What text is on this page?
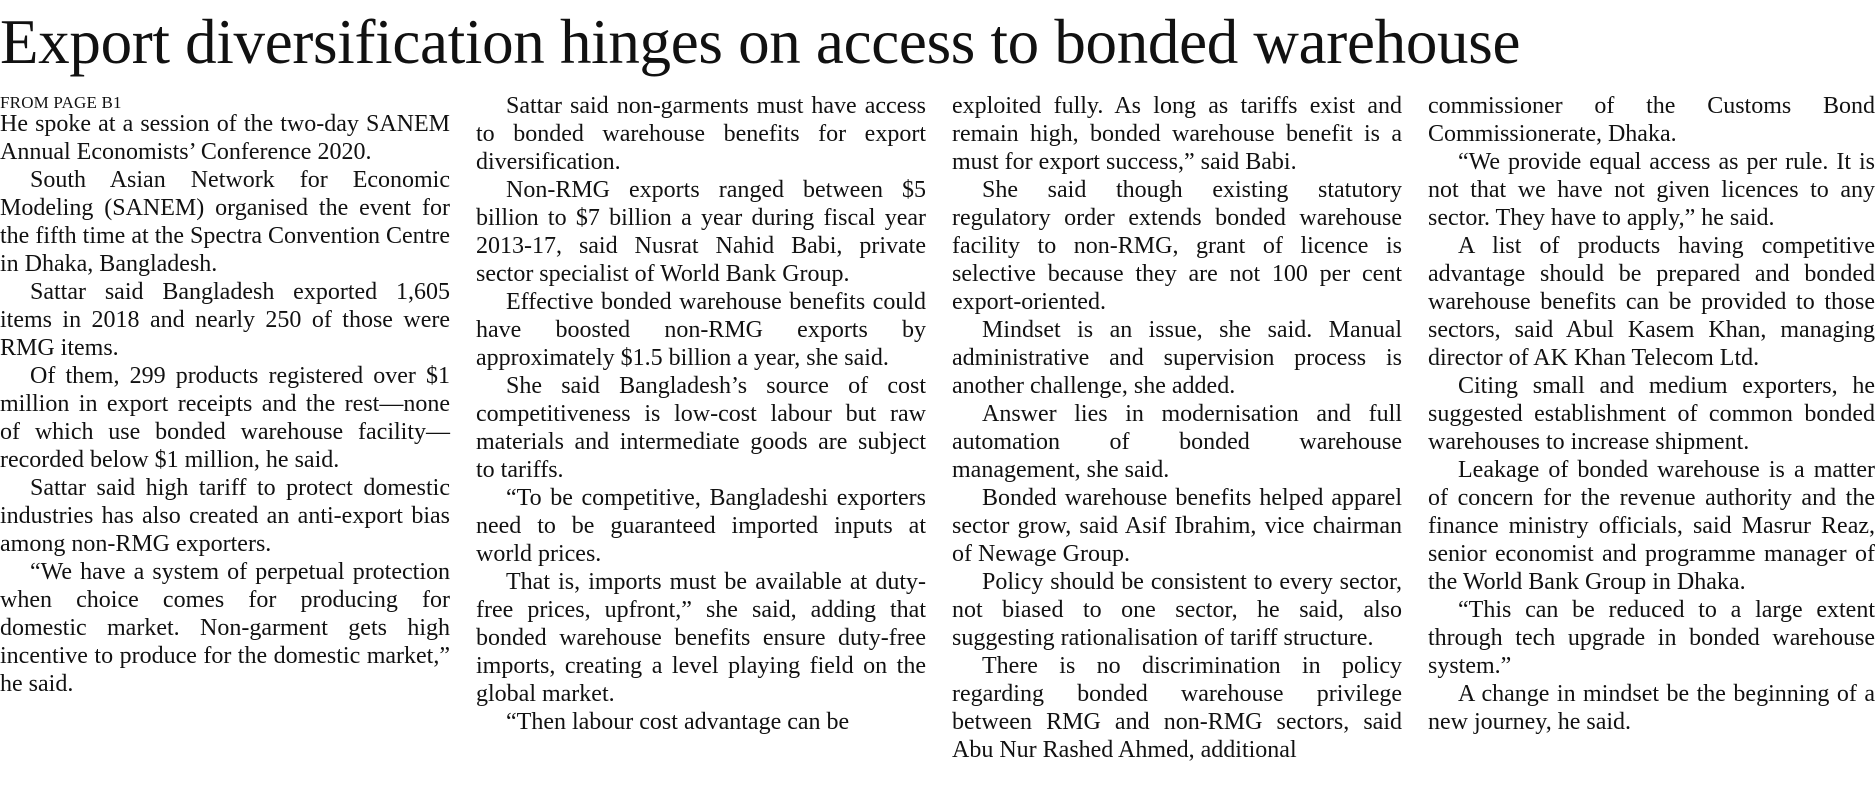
Export diversification hinges on access to bonded warehouse

FROM PAGE B1

He spoke at a session of the two-day SANEM Annual Economists’ Conference 2020.

South Asian Network for Economic Modeling (SANEM) organised the event for the fifth time at the Spectra Convention Centre in Dhaka, Bangladesh.

Sattar said Bangladesh exported 1,605 items in 2018 and nearly 250 of those were RMG items.

Of them, 299 products registered over $1 million in export receipts and the rest—none of which use bonded warehouse facility—recorded below $1 million, he said.

Sattar said high tariff to protect domestic industries has also created an anti-export bias among non-RMG exporters.

“We have a system of perpetual protection when choice comes for producing for domestic market. Non-garment gets high incentive to produce for the domestic market,” he said.

Sattar said non-garments must have access to bonded warehouse benefits for export diversification.

Non-RMG exports ranged between $5 billion to $7 billion a year during fiscal year 2013-17, said Nusrat Nahid Babi, private sector specialist of World Bank Group.

Effective bonded warehouse benefits could have boosted non-RMG exports by approximately $1.5 billion a year, she said.

She said Bangladesh’s source of cost competitiveness is low-cost labour but raw materials and intermediate goods are subject to tariffs.

“To be competitive, Bangladeshi exporters need to be guaranteed imported inputs at world prices.

That is, imports must be available at duty-free prices, upfront,” she said, adding that bonded warehouse benefits ensure duty-free imports, creating a level playing field on the global market.

“Then labour cost advantage can be

exploited fully. As long as tariffs exist and remain high, bonded warehouse benefit is a must for export success,” said Babi.

She said though existing statutory regulatory order extends bonded warehouse facility to non-RMG, grant of licence is selective because they are not 100 per cent export-oriented.

Mindset is an issue, she said. Manual administrative and supervision process is another challenge, she added.

Answer lies in modernisation and full automation of bonded warehouse management, she said.

Bonded warehouse benefits helped apparel sector grow, said Asif Ibrahim, vice chairman of Newage Group.

Policy should be consistent to every sector, not biased to one sector, he said, also suggesting rationalisation of tariff structure.

There is no discrimination in policy regarding bonded warehouse privilege between RMG and non-RMG sectors, said Abu Nur Rashed Ahmed, additional

commissioner of the Customs Bond Commissionerate, Dhaka.

“We provide equal access as per rule. It is not that we have not given licences to any sector. They have to apply,” he said.

A list of products having competitive advantage should be prepared and bonded warehouse benefits can be provided to those sectors, said Abul Kasem Khan, managing director of AK Khan Telecom Ltd.

Citing small and medium exporters, he suggested establishment of common bonded warehouses to increase shipment.

Leakage of bonded warehouse is a matter of concern for the revenue authority and the finance ministry officials, said Masrur Reaz, senior economist and programme manager of the World Bank Group in Dhaka.

“This can be reduced to a large extent through tech upgrade in bonded warehouse system.”

A change in mindset be the beginning of a new journey, he said.
